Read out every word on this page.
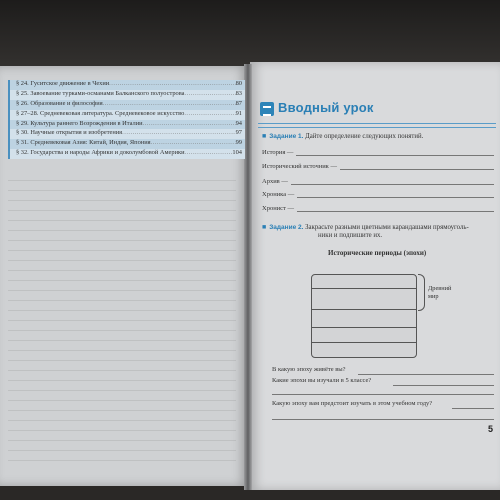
§ 24. Гуситское движение в Чехии .....	80
§ 25. Завоевание турками-османами Балканского полуострова .....	83
§ 26. Образование и философия .....	87
§ 27–28. Средневековая литература. Средневековое искусство .....	91
§ 29. Культура раннего Возрождения в Италии .....	94
§ 30. Научные открытия и изобретения .....	97
§ 31. Средневековая Азия: Китай, Индия, Япония .....	99
§ 32. Государства и народы Африки и доколумбовой Америки .....	104
Вводный урок
■ Задание 1. Дайте определение следующих понятий.
История —
Исторический источник —
Архив —
Хроника —
Хронист —
■ Задание 2. Закрасьте разными цветными карандашами прямоуголь-
ники и подпишите их.
Исторические периоды (эпохи)
Древний мир
В какую эпоху живёте вы?
Какие эпохи вы изучали в 5 классе?
Какую эпоху вам предстоит изучать в этом учебном году?
5
